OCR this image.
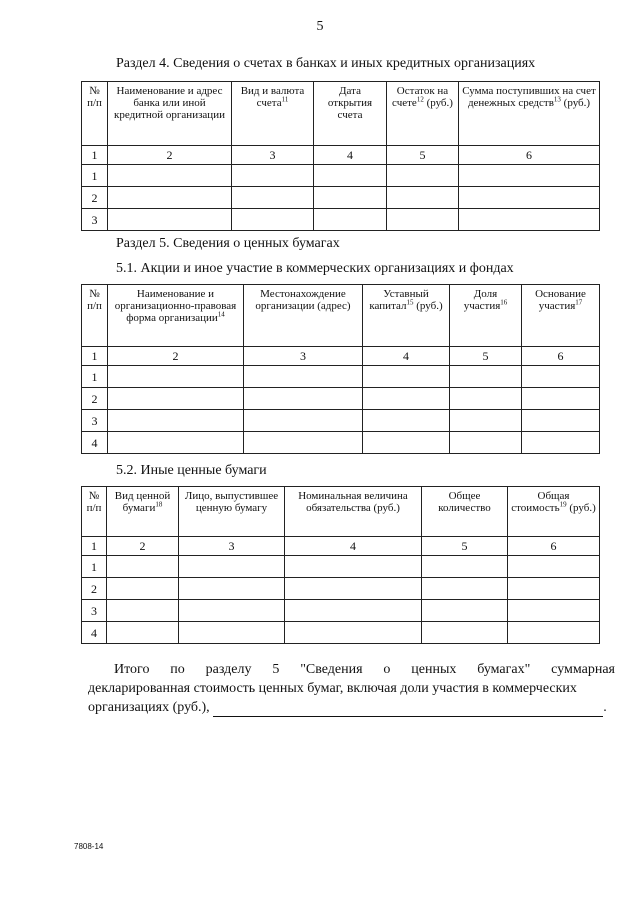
5
Раздел 4. Сведения о счетах в банках и иных кредитных организациях
№ п/п	Наименование и адрес банка или иной кредитной организации	Вид и валюта счета$^{11}$	Дата открытия счета	Остаток на счете$^{12}$ (руб.)	Сумма поступивших на счет денежных средств$^{13}$ (руб.)
1	2	3	4	5	6
1					
2					
3					
Раздел 5. Сведения о ценных бумагах
5.1. Акции и иное участие в коммерческих организациях и фондах
№ п/п	Наименование и организационно-правовая форма организации$^{14}$	Местонахождение организации (адрес)	Уставный капитал$^{15}$ (руб.)	Доля участия$^{16}$	Основание участия$^{17}$
1	2	3	4	5	6
1					
2					
3					
4					
5.2. Иные ценные бумаги
№ п/п	Вид ценной бумаги$^{18}$	Лицо, выпустившее ценную бумагу	Номинальная величина обязательства (руб.)	Общее количество	Общая стоимость$^{19}$ (руб.)
1	2	3	4	5	6
1					
2					
3					
4					
Итого по разделу 5 "Сведения о ценных бумагах" суммарная
декларированная стоимость ценных бумаг, включая доли участия в коммерческих
организациях (руб.),	.
7808-14
